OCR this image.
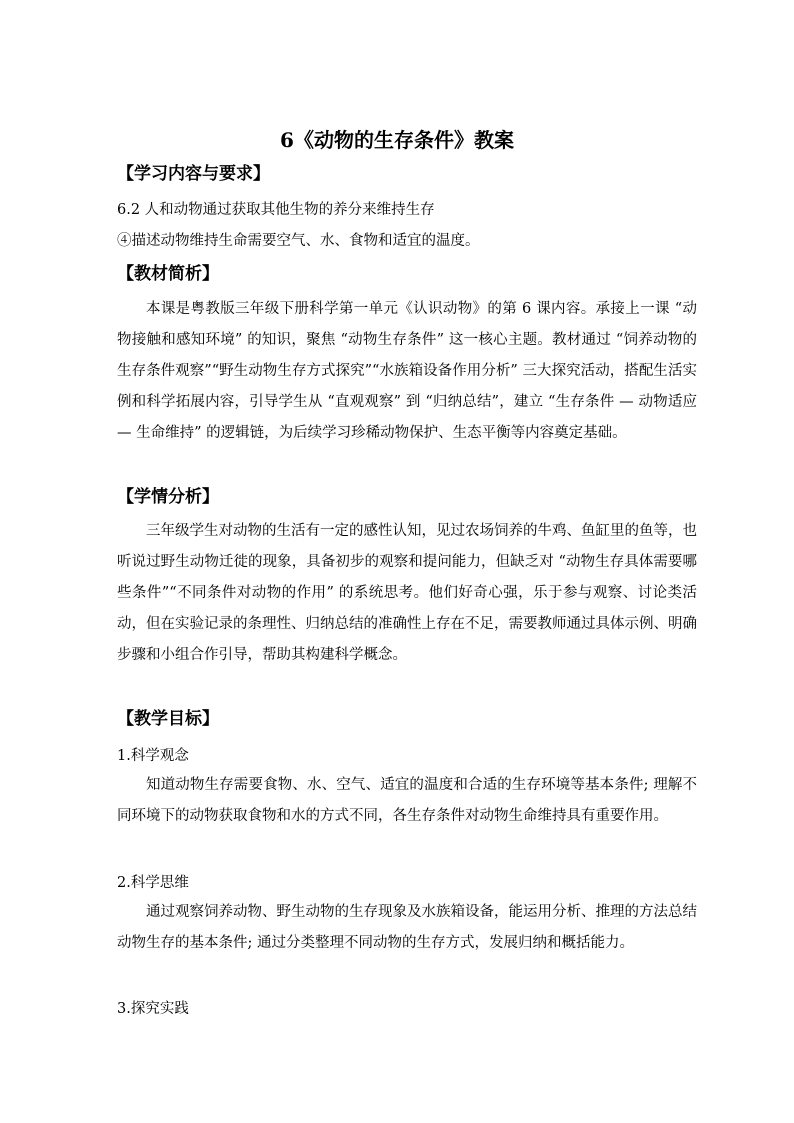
6《动物的生存条件》教案
【学习内容与要求】
6.2 人和动物通过获取其他生物的养分来维持生存
④描述动物维持生命需要空气、水、食物和适宜的温度。
【教材简析】
本课是粤教版三年级下册科学第一单元《认识动物》的第 6 课内容。承接上一课 “动物接触和感知环境” 的知识，聚焦 “动物生存条件” 这一核心主题。教材通过 “饲养动物的生存条件观察”“野生动物生存方式探究”“水族箱设备作用分析” 三大探究活动，搭配生活实例和科学拓展内容，引导学生从 “直观观察” 到 “归纳总结”，建立 “生存条件 — 动物适应 — 生命维持” 的逻辑链，为后续学习珍稀动物保护、生态平衡等内容奠定基础。
【学情分析】
三年级学生对动物的生活有一定的感性认知，见过农场饲养的牛鸡、鱼缸里的鱼等，也听说过野生动物迁徙的现象，具备初步的观察和提问能力，但缺乏对 “动物生存具体需要哪些条件”“不同条件对动物的作用” 的系统思考。他们好奇心强，乐于参与观察、讨论类活动，但在实验记录的条理性、归纳总结的准确性上存在不足，需要教师通过具体示例、明确步骤和小组合作引导，帮助其构建科学概念。
【教学目标】
1.科学观念
知道动物生存需要食物、水、空气、适宜的温度和合适的生存环境等基本条件; 理解不同环境下的动物获取食物和水的方式不同，各生存条件对动物生命维持具有重要作用。
2.科学思维
通过观察饲养动物、野生动物的生存现象及水族箱设备，能运用分析、推理的方法总结动物生存的基本条件; 通过分类整理不同动物的生存方式，发展归纳和概括能力。
3.探究实践
